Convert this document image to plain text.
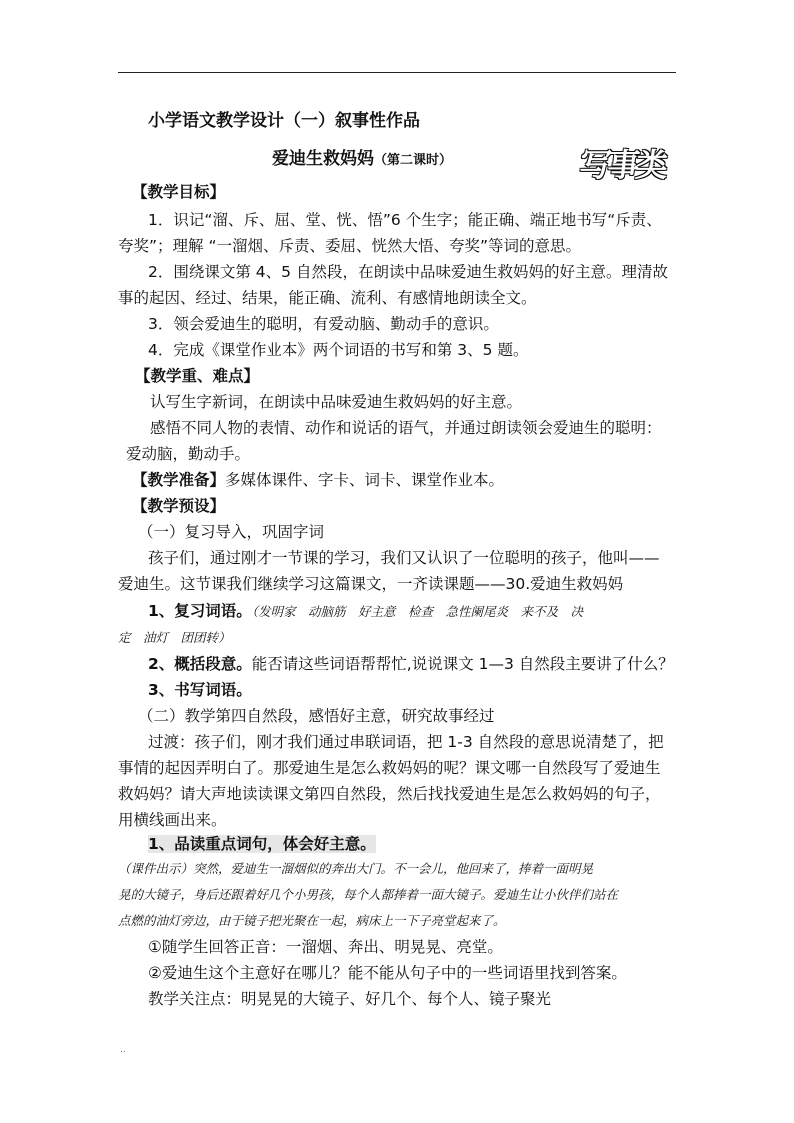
小学语文教学设计（一）叙事性作品
爱迪生救妈妈（第二课时）	写事类
【教学目标】
1．识记“溜、斥、屈、堂、恍、悟”6 个生字；能正确、端正地书写“斥责、
夸奖”；理解 “一溜烟、斥责、委屈、恍然大悟、夸奖”等词的意思。
2．围绕课文第 4、5 自然段，在朗读中品味爱迪生救妈妈的好主意。理清故
事的起因、经过、结果，能正确、流利、有感情地朗读全文。
3．领会爱迪生的聪明，有爱动脑、勤动手的意识。
4．完成《课堂作业本》两个词语的书写和第 3、5 题。
【教学重、难点】
认写生字新词，在朗读中品味爱迪生救妈妈的好主意。
感悟不同人物的表情、动作和说话的语气，并通过朗读领会爱迪生的聪明：
爱动脑，勤动手。
【教学准备】多媒体课件、字卡、词卡、课堂作业本。
【教学预设】
（一）复习导入，巩固字词
孩子们，通过刚才一节课的学习，我们又认识了一位聪明的孩子，他叫——
爱迪生。这节课我们继续学习这篇课文，一齐读课题——30.爱迪生救妈妈
1、复习词语。（发明家　动脑筋　好主意　检查　急性阑尾炎　来不及　决
定　油灯　团团转）
2、概括段意。能否请这些词语帮帮忙,说说课文 1—3 自然段主要讲了什么？
3、书写词语。
（二）教学第四自然段，感悟好主意，研究故事经过
过渡：孩子们，刚才我们通过串联词语，把 1-3 自然段的意思说清楚了，把
事情的起因弄明白了。那爱迪生是怎么救妈妈的呢？课文哪一自然段写了爱迪生
救妈妈？请大声地读读课文第四自然段，然后找找爱迪生是怎么救妈妈的句子，
用横线画出来。
1、品读重点词句，体会好主意。
（课件出示）突然，爱迪生一溜烟似的奔出大门。不一会儿，他回来了，捧着一面明晃
晃的大镜子，身后还跟着好几个小男孩，每个人都捧着一面大镜子。爱迪生让小伙伴们站在
点燃的油灯旁边，由于镜子把光聚在一起，病床上一下子亮堂起来了。
①随学生回答正音：一溜烟、奔出、明晃晃、亮堂。
②爱迪生这个主意好在哪儿？能不能从句子中的一些词语里找到答案。
教学关注点：明晃晃的大镜子、好几个、每个人、镜子聚光
..
